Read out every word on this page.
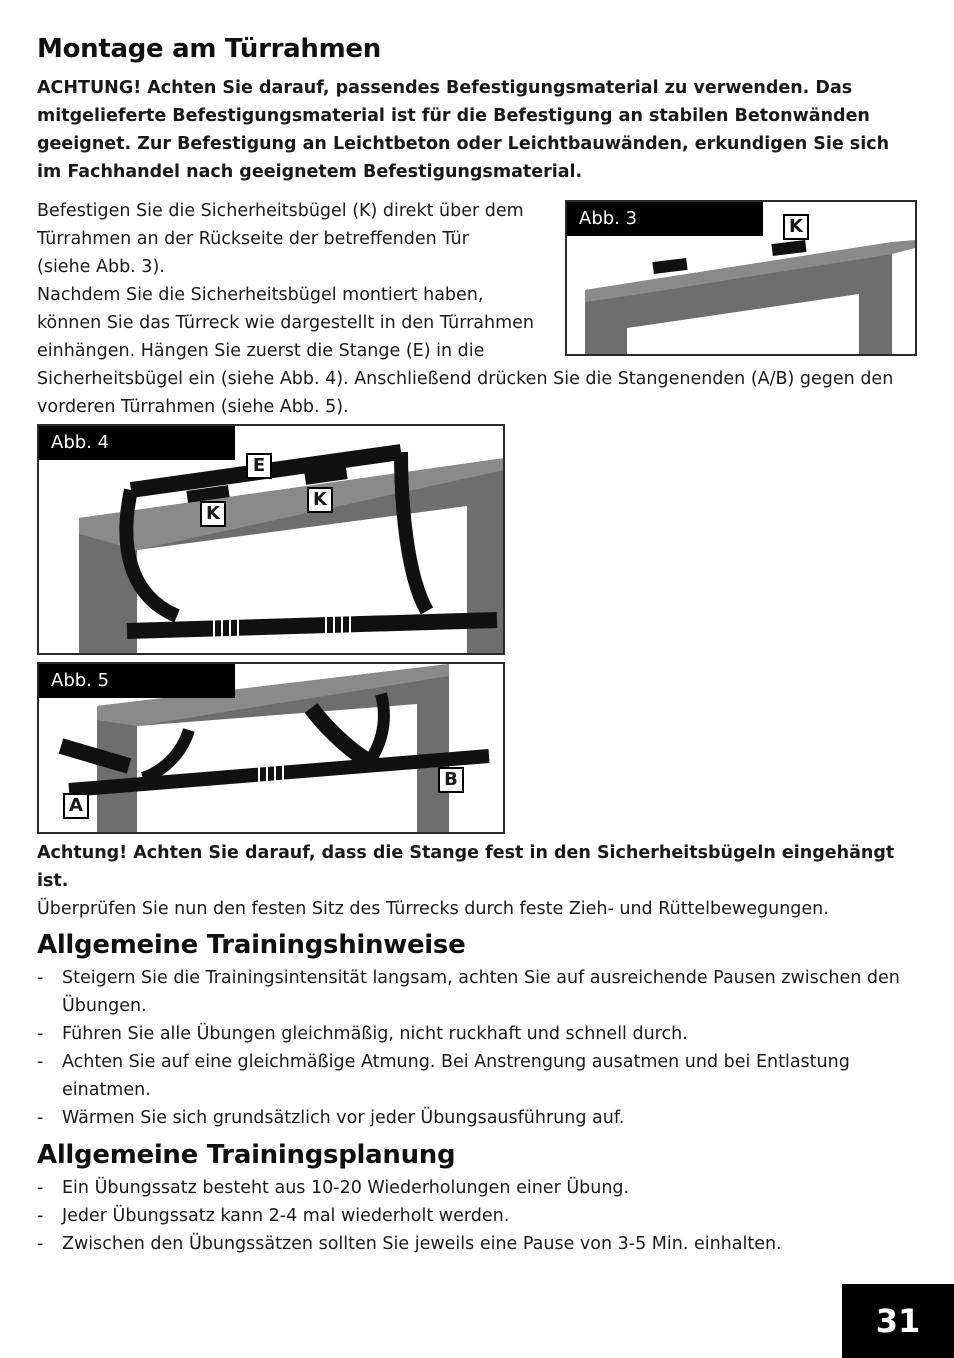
Montage am Türrahmen

ACHTUNG! Achten Sie darauf, passendes Befestigungsmaterial zu verwenden. Das mitgelieferte Befestigungsmaterial ist für die Befestigung an stabilen Betonwänden geeignet. Zur Befestigung an Leichtbeton oder Leichtbauwänden, erkundigen Sie sich im Fachhandel nach geeignetem Befestigungsmaterial.

Befestigen Sie die Sicherheitsbügel (K) direkt über dem
Türrahmen an der Rückseite der betreffenden Tür
(siehe Abb. 3).
Nachdem Sie die Sicherheitsbügel montiert haben,
können Sie das Türreck wie dargestellt in den Türrahmen
einhängen. Hängen Sie zuerst die Stange (E) in die

Sicherheitsbügel ein (siehe Abb. 4). Anschließend drücken Sie die Stangenenden (A/B) gegen den vorderen Türrahmen (siehe Abb. 5).

Abb. 3	K
Abb. 4
E
K
K
Abb. 5
A
B

Achtung! Achten Sie darauf, dass die Stange fest in den Sicherheitsbügeln eingehängt ist.

Überprüfen Sie nun den festen Sitz des Türrecks durch feste Zieh- und Rüttelbewegungen.

Allgemeine Trainingshinweise
- Steigern Sie die Trainingsintensität langsam, achten Sie auf ausreichende Pausen zwischen den Übungen.
- Führen Sie alle Übungen gleichmäßig, nicht ruckhaft und schnell durch.
- Achten Sie auf eine gleichmäßige Atmung. Bei Anstrengung ausatmen und bei Entlastung einatmen.
- Wärmen Sie sich grundsätzlich vor jeder Übungsausführung auf.
Allgemeine Trainingsplanung
- Ein Übungssatz besteht aus 10-20 Wiederholungen einer Übung.
- Jeder Übungssatz kann 2-4 mal wiederholt werden.
- Zwischen den Übungssätzen sollten Sie jeweils eine Pause von 3-5 Min. einhalten.
31
